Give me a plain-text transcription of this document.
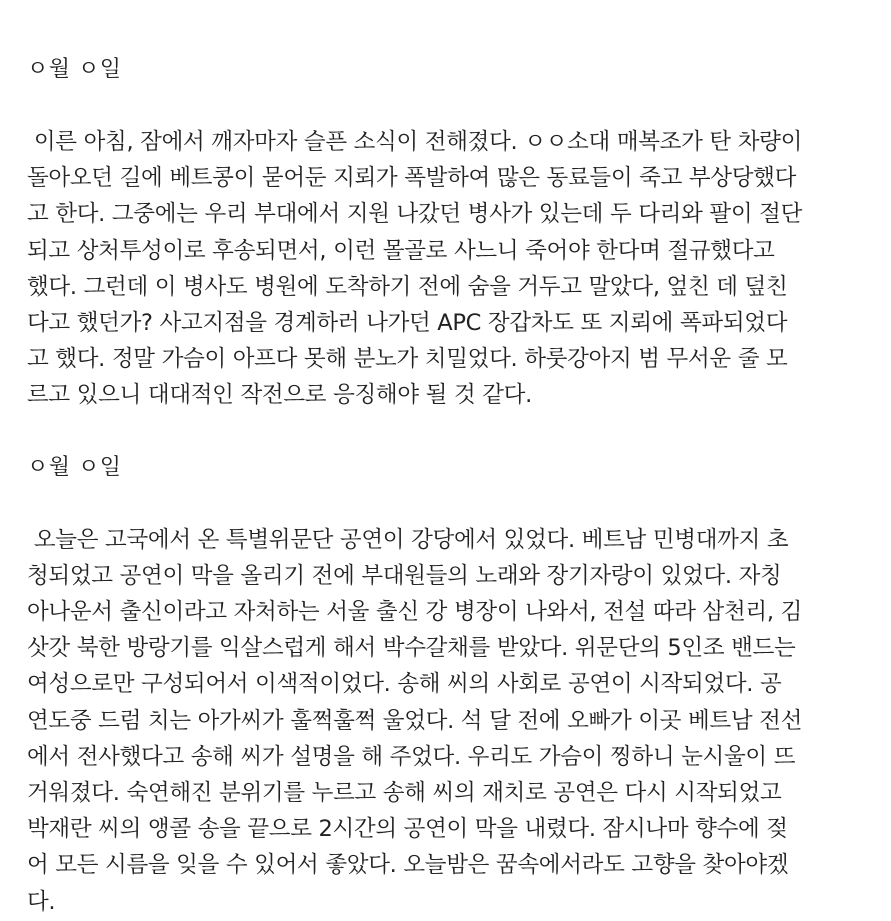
ㅇ월 ㅇ일

이른 아침, 잠에서 깨자마자 슬픈 소식이 전해졌다. ㅇㅇ소대 매복조가 탄 차량이
돌아오던 길에 베트콩이 묻어둔 지뢰가 폭발하여 많은 동료들이 죽고 부상당했다
고 한다. 그중에는 우리 부대에서 지원 나갔던 병사가 있는데 두 다리와 팔이 절단
되고 상처투성이로 후송되면서, 이런 몰골로 사느니 죽어야 한다며 절규했다고
했다. 그런데 이 병사도 병원에 도착하기 전에 숨을 거두고 말았다, 엎친 데 덮친
다고 했던가? 사고지점을 경계하러 나가던 APC 장갑차도 또 지뢰에 폭파되었다
고 했다. 정말 가슴이 아프다 못해 분노가 치밀었다. 하룻강아지 범 무서운 줄 모
르고 있으니 대대적인 작전으로 응징해야 될 것 같다.

ㅇ월 ㅇ일

오늘은 고국에서 온 특별위문단 공연이 강당에서 있었다. 베트남 민병대까지 초
청되었고 공연이 막을 올리기 전에 부대원들의 노래와 장기자랑이 있었다. 자칭
아나운서 출신이라고 자처하는 서울 출신 강 병장이 나와서, 전설 따라 삼천리, 김
삿갓 북한 방랑기를 익살스럽게 해서 박수갈채를 받았다. 위문단의 5인조 밴드는
여성으로만 구성되어서 이색적이었다. 송해 씨의 사회로 공연이 시작되었다. 공
연도중 드럼 치는 아가씨가 훌쩍훌쩍 울었다. 석 달 전에 오빠가 이곳 베트남 전선
에서 전사했다고 송해 씨가 설명을 해 주었다. 우리도 가슴이 찡하니 눈시울이 뜨
거워졌다. 숙연해진 분위기를 누르고 송해 씨의 재치로 공연은 다시 시작되었고
박재란 씨의 앵콜 송을 끝으로 2시간의 공연이 막을 내렸다. 잠시나마 향수에 젖
어 모든 시름을 잊을 수 있어서 좋았다. 오늘밤은 꿈속에서라도 고향을 찾아야겠
다.
